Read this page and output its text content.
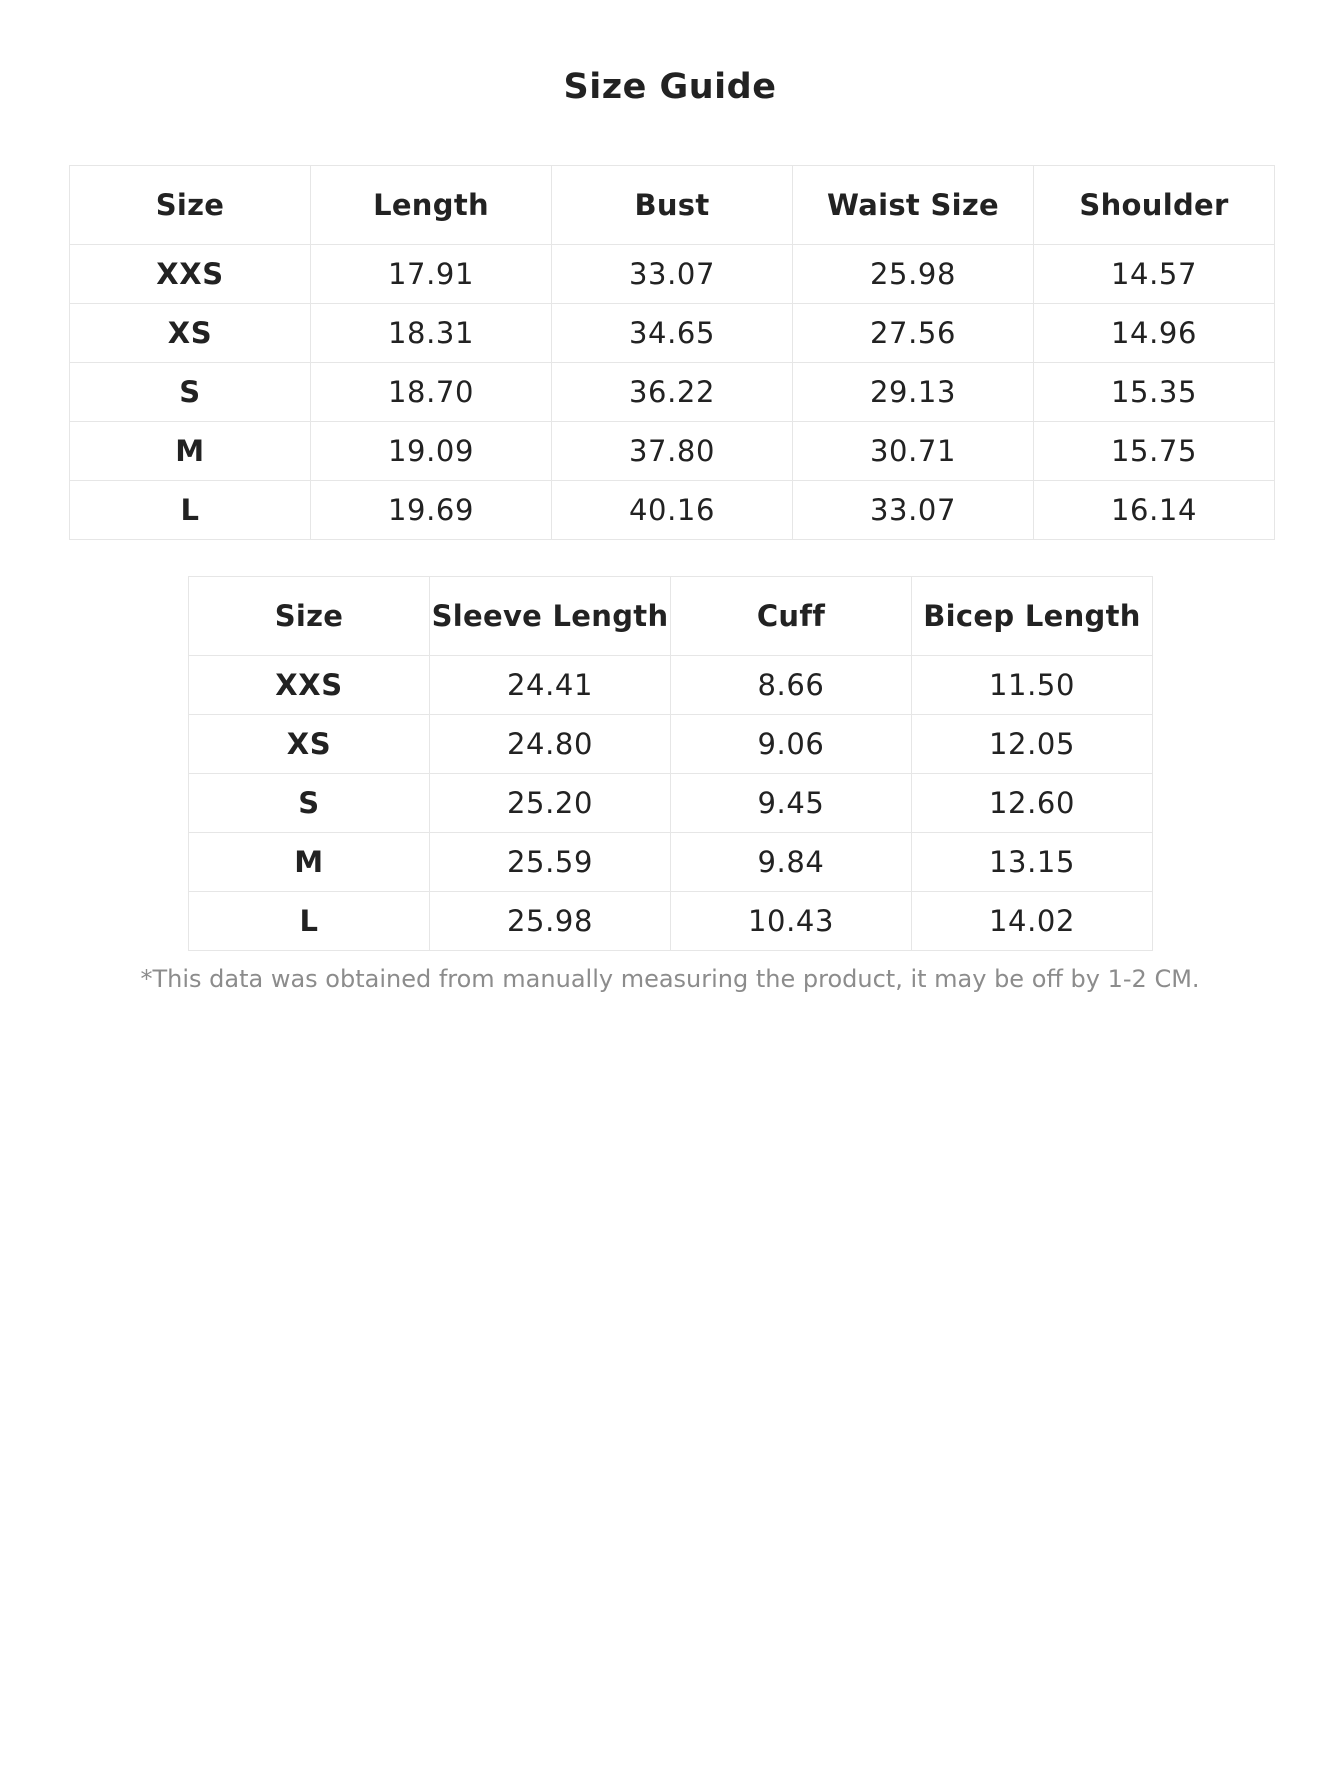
Size Guide
Size	Length	Bust	Waist Size	Shoulder
XXS	17.91	33.07	25.98	14.57
XS	18.31	34.65	27.56	14.96
S	18.70	36.22	29.13	15.35
M	19.09	37.80	30.71	15.75
L	19.69	40.16	33.07	16.14
Size	Sleeve Length	Cuff	Bicep Length
XXS	24.41	8.66	11.50
XS	24.80	9.06	12.05
S	25.20	9.45	12.60
M	25.59	9.84	13.15
L	25.98	10.43	14.02

*This data was obtained from manually measuring the product, it may be off by 1-2 CM.
